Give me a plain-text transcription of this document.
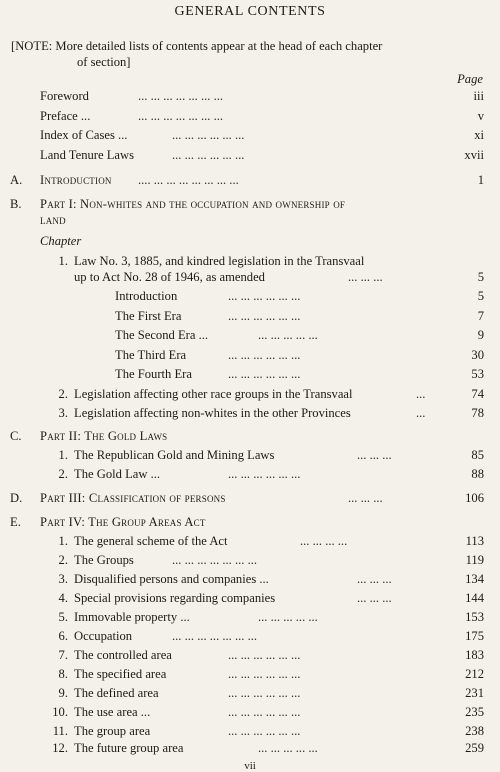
GENERAL CONTENTS
[NOTE: More detailed lists of contents appear at the head of each chapter
of section]
Page
Foreword	... ... ... ... ... ... ...	iii
Preface ...	... ... ... ... ... ... ...	v
Index of Cases ...	... ... ... ... ... ...	xi
Land Tenure Laws	... ... ... ... ... ...	xvii
A. Introduction .... ... ... ... ... ... ... ...	1
B. Part I: Non-whites and the occupation and ownership of
land
Chapter
1. Law No. 3, 1885, and kindred legislation in the Transvaal
up to Act No. 28 of 1946, as amended	... ... ...	5
Introduction	... ... ... ... ... ...	5
The First Era	... ... ... ... ... ...	7
The Second Era ...	... ... ... ... ...	9
The Third Era	... ... ... ... ... ...	30
The Fourth Era	... ... ... ... ... ...	53
2. Legislation affecting other race groups in the Transvaal	...	74
3. Legislation affecting non-whites in the other Provinces	...	78
C. Part II: The Gold Laws
1. The Republican Gold and Mining Laws	... ... ...	85
2. The Gold Law ...	... ... ... ... ... ...	88
D. Part III: Classification of persons	... ... ...	106
E. Part IV: The Group Areas Act
1. The general scheme of the Act	... ... ... ...	113
2. The Groups	... ... ... ... ... ... ...	119
3. Disqualified persons and companies ...	... ... ...	134
4. Special provisions regarding companies	... ... ...	144
5. Immovable property ...	... ... ... ... ...	153
6. Occupation	... ... ... ... ... ... ...	175
7. The controlled area	... ... ... ... ... ...	183
8. The specified area	... ... ... ... ... ...	212
9. The defined area	... ... ... ... ... ...	231
10. The use area ...	... ... ... ... ... ...	235
11. The group area	... ... ... ... ... ...	238
12. The future group area	... ... ... ... ...	259
vii
